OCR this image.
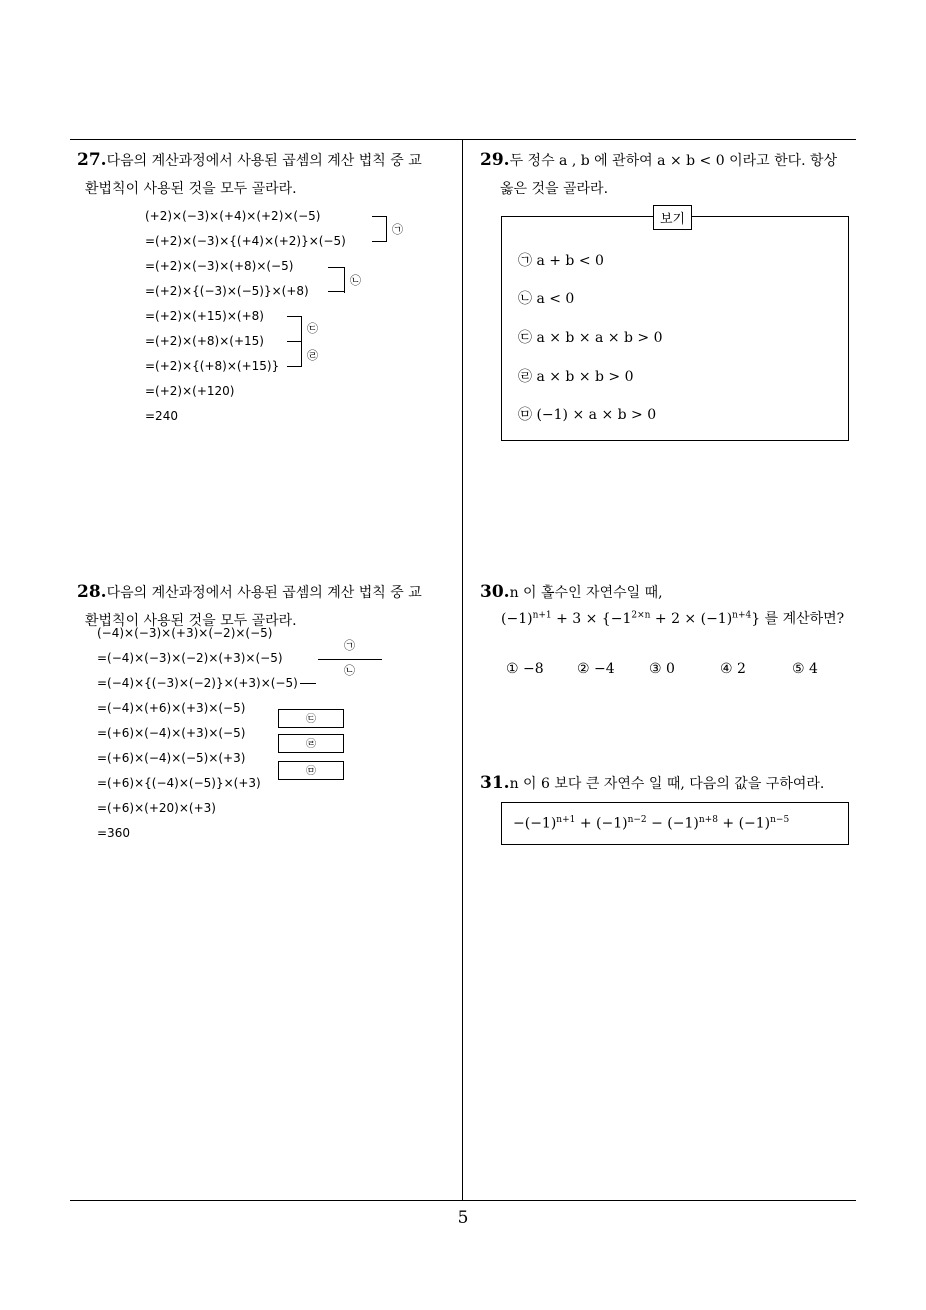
27.다음의 계산과정에서 사용된 곱셈의 계산 법칙 중 교
환법칙이 사용된 것을 모두 골라라.
(+2)×(−3)×(+4)×(+2)×(−5)
=(+2)×(−3)×{(+4)×(+2)}×(−5)
=(+2)×(−3)×(+8)×(−5)
=(+2)×{(−3)×(−5)}×(+8)
=(+2)×(+15)×(+8)
=(+2)×(+8)×(+15)
=(+2)×{(+8)×(+15)}
=(+2)×(+120)
=240
㉠
㉡
㉢
㉣
28.다음의 계산과정에서 사용된 곱셈의 계산 법칙 중 교
환법칙이 사용된 것을 모두 골라라.
(−4)×(−3)×(+3)×(−2)×(−5)
=(−4)×(−3)×(−2)×(+3)×(−5)
=(−4)×{(−3)×(−2)}×(+3)×(−5)
=(−4)×(+6)×(+3)×(−5)
=(+6)×(−4)×(+3)×(−5)
=(+6)×(−4)×(−5)×(+3)
=(+6)×{(−4)×(−5)}×(+3)
=(+6)×(+20)×(+3)
=360
㉠
㉡
㉢
㉣
㉤
29.두 정수 a , b 에 관하여 a × b < 0 이라고 한다. 항상
옳은 것을 골라라.
보기
㉠ a + b < 0
㉡ a < 0
㉢ a × b × a × b > 0
㉣ a × b × b > 0
㉤ (−1) × a × b > 0
30.n 이 홀수인 자연수일 때,
$(-1)^{n+1} + 3 \times \{-1^{2\times n} + 2 \times (-1)^{n+4}\}$ 를 계산하면?
① −8 ② −4 ③ 0	④ 2	⑤ 4
31.n 이 6 보다 큰 자연수 일 때, 다음의 값을 구하여라.
$-(-1)^{n+1} + (-1)^{n-2} - (-1)^{n+8} + (-1)^{n-5}$
5
